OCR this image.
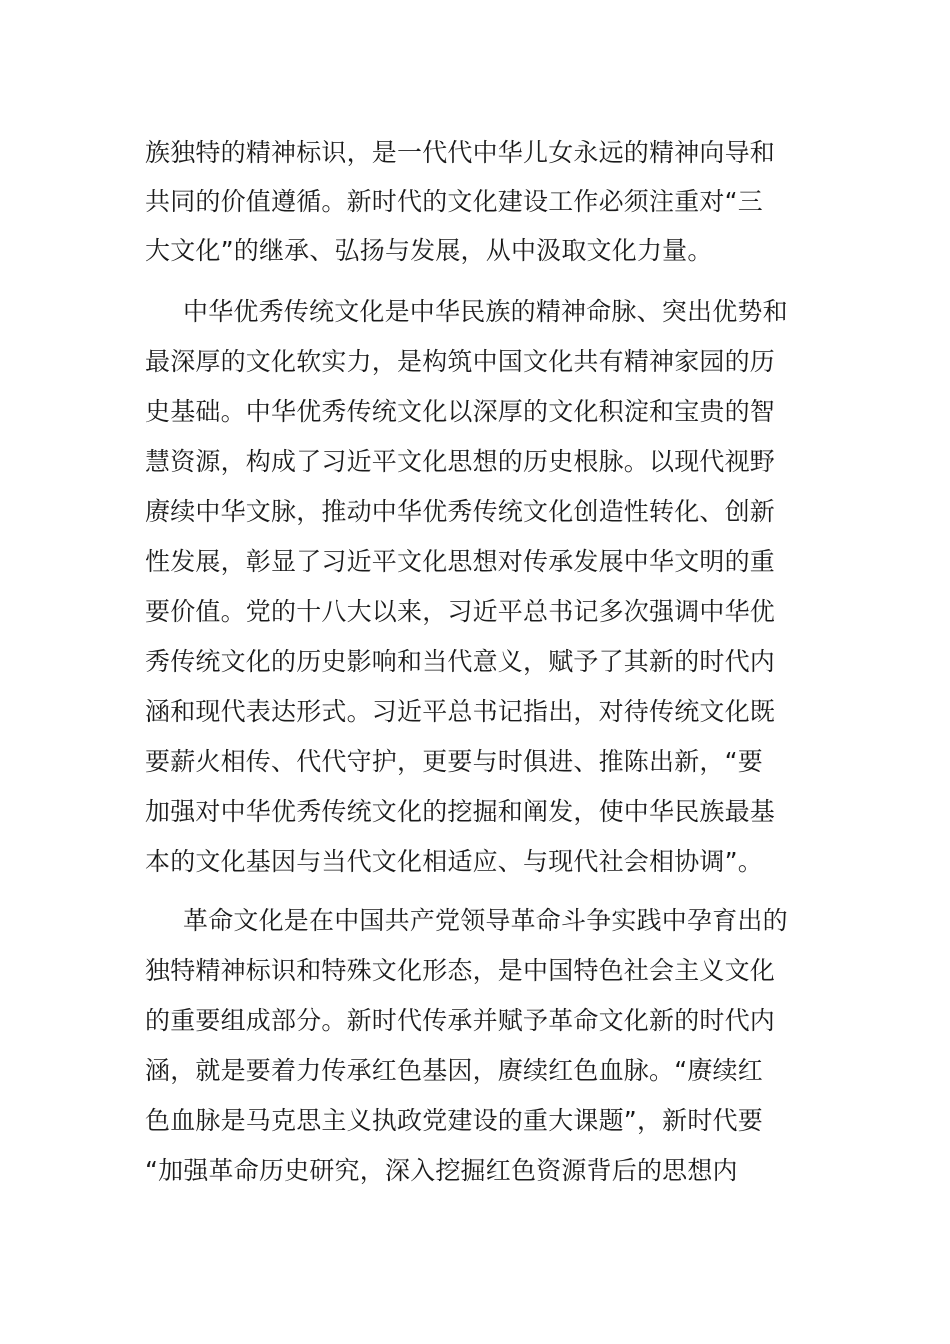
族独特的精神标识，是一代代中华儿女永远的精神向导和
共同的价值遵循。新时代的文化建设工作必须注重对“三
大文化”的继承、弘扬与发展，从中汲取文化力量。
中华优秀传统文化是中华民族的精神命脉、突出优势和
最深厚的文化软实力，是构筑中国文化共有精神家园的历
史基础。中华优秀传统文化以深厚的文化积淀和宝贵的智
慧资源，构成了习近平文化思想的历史根脉。以现代视野
赓续中华文脉，推动中华优秀传统文化创造性转化、创新
性发展，彰显了习近平文化思想对传承发展中华文明的重
要价值。党的十八大以来，习近平总书记多次强调中华优
秀传统文化的历史影响和当代意义，赋予了其新的时代内
涵和现代表达形式。习近平总书记指出，对待传统文化既
要薪火相传、代代守护，更要与时俱进、推陈出新，“要
加强对中华优秀传统文化的挖掘和阐发，使中华民族最基
本的文化基因与当代文化相适应、与现代社会相协调”。
革命文化是在中国共产党领导革命斗争实践中孕育出的
独特精神标识和特殊文化形态，是中国特色社会主义文化
的重要组成部分。新时代传承并赋予革命文化新的时代内
涵，就是要着力传承红色基因，赓续红色血脉。“赓续红
色血脉是马克思主义执政党建设的重大课题”，新时代要
“加强革命历史研究，深入挖掘红色资源背后的思想内
